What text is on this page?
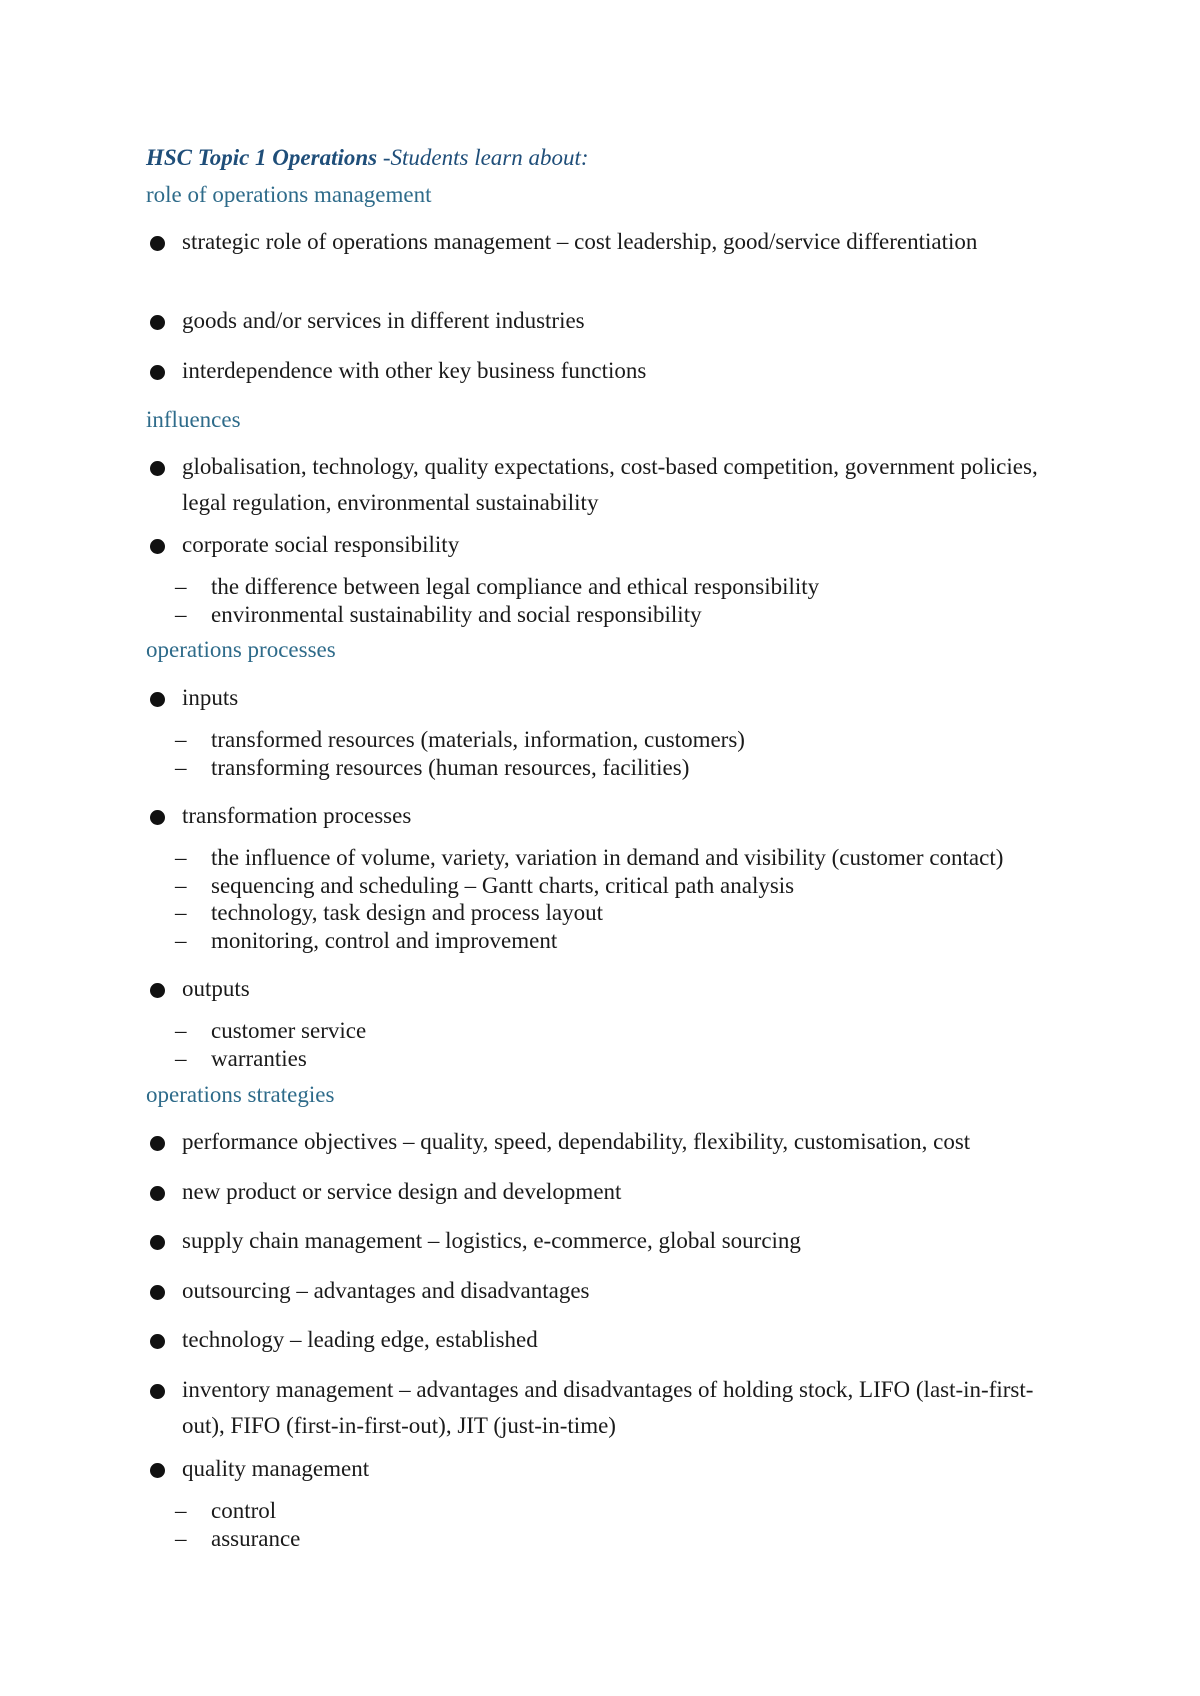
HSC Topic 1 Operations -Students learn about:

role of operations management
strategic role of operations management – cost leadership, good/service differentiation
goods and/or services in different industries
interdependence with other key business functions
influences
globalisation, technology, quality expectations, cost-based competition, government policies, legal regulation, environmental sustainability
corporate social responsibility
– the difference between legal compliance and ethical responsibility
– environmental sustainability and social responsibility
operations processes
inputs
– transformed resources (materials, information, customers)
– transforming resources (human resources, facilities)
transformation processes
– the influence of volume, variety, variation in demand and visibility (customer contact)
– sequencing and scheduling – Gantt charts, critical path analysis
– technology, task design and process layout
– monitoring, control and improvement
outputs
– customer service
– warranties
operations strategies
performance objectives – quality, speed, dependability, flexibility, customisation, cost
new product or service design and development
supply chain management – logistics, e-commerce, global sourcing
outsourcing – advantages and disadvantages
technology – leading edge, established
inventory management – advantages and disadvantages of holding stock, LIFO (last-in-first-out), FIFO (first-in-first-out), JIT (just-in-time)
quality management
– control
– assurance
